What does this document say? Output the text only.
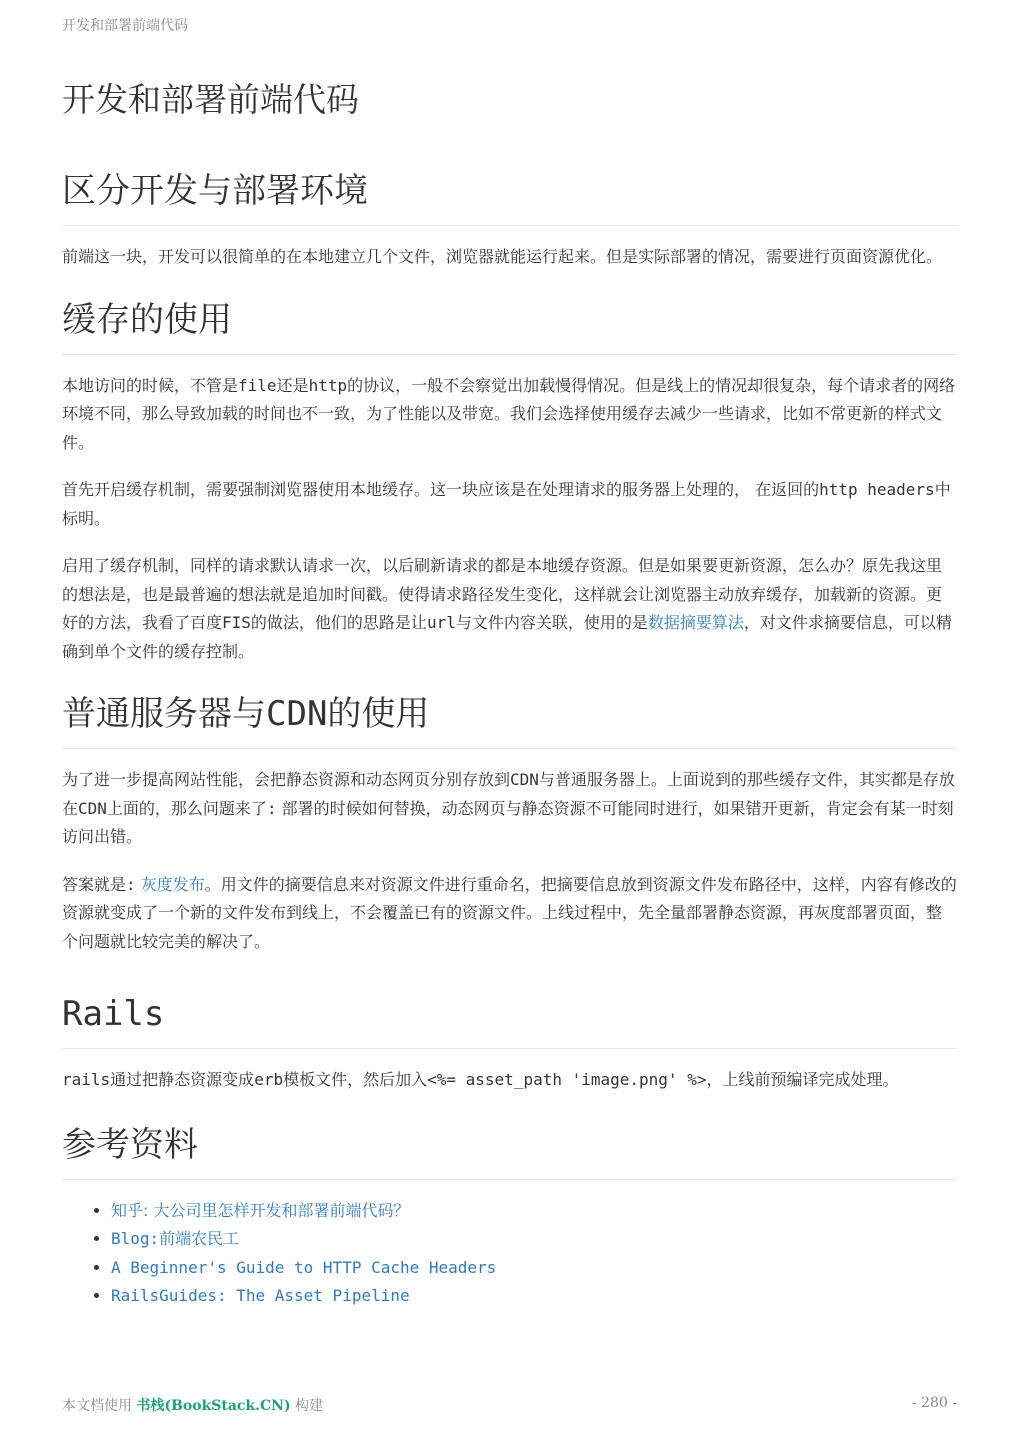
开发和部署前端代码
开发和部署前端代码
区分开发与部署环境

前端这一块，开发可以很简单的在本地建立几个文件，浏览器就能运行起来。但是实际部署的情况，需要进行页面资源优化。

缓存的使用

本地访问的时候，不管是file还是http的协议，一般不会察觉出加载慢得情况。但是线上的情况却很复杂，每个请求者的网络环境不同，那么导致加载的时间也不一致，为了性能以及带宽。我们会选择使用缓存去减少一些请求，比如不常更新的样式文件。

首先开启缓存机制，需要强制浏览器使用本地缓存。这一块应该是在处理请求的服务器上处理的， 在返回的http headers中标明。

启用了缓存机制，同样的请求默认请求一次，以后刷新请求的都是本地缓存资源。但是如果要更新资源，怎么办？原先我这里的想法是，也是最普遍的想法就是追加时间戳。使得请求路径发生变化，这样就会让浏览器主动放弃缓存，加载新的资源。更好的方法，我看了百度FIS的做法，他们的思路是让url与文件内容关联，使用的是数据摘要算法，对文件求摘要信息，可以精确到单个文件的缓存控制。

普通服务器与CDN的使用

为了进一步提高网站性能，会把静态资源和动态网页分别存放到CDN与普通服务器上。上面说到的那些缓存文件，其实都是存放在CDN上面的，那么问题来了: 部署的时候如何替换，动态网页与静态资源不可能同时进行，如果错开更新，肯定会有某一时刻访问出错。

答案就是: 灰度发布。用文件的摘要信息来对资源文件进行重命名，把摘要信息放到资源文件发布路径中，这样，内容有修改的资源就变成了一个新的文件发布到线上，不会覆盖已有的资源文件。上线过程中，先全量部署静态资源，再灰度部署页面，整个问题就比较完美的解决了。

Rails

rails通过把静态资源变成erb模板文件，然后加入<%= asset_path 'image.png' %>，上线前预编译完成处理。

参考资料
• 知乎: 大公司里怎样开发和部署前端代码？
• Blog:前端农民工
• A Beginner's Guide to HTTP Cache Headers
• RailsGuides: The Asset Pipeline
本文档使用 书栈(BookStack.CN) 构建	- 280 -
